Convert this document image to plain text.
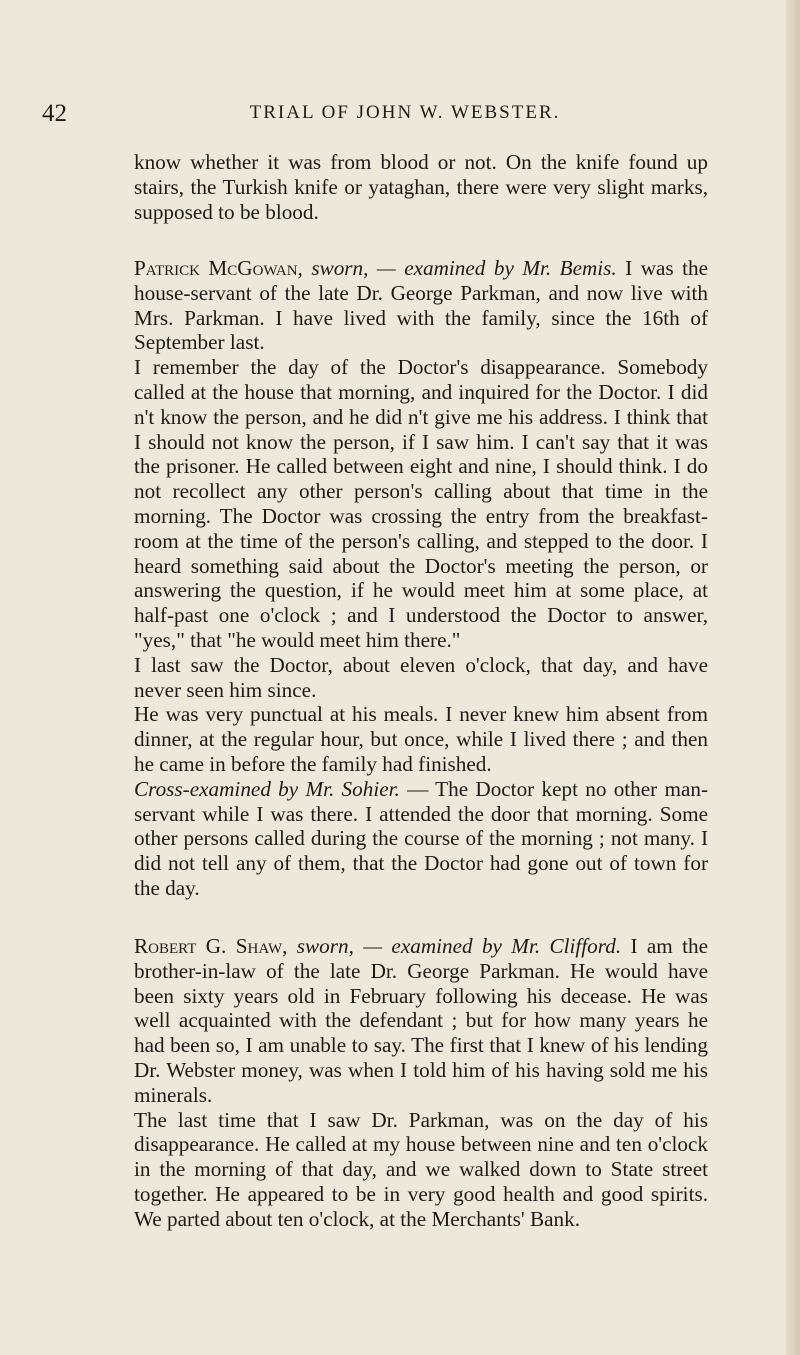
42	TRIAL OF JOHN W. WEBSTER.

know whether it was from blood or not. On the knife found up stairs, the Turkish knife or yataghan, there were very slight marks, supposed to be blood.

Patrick McGowan, sworn, — examined by Mr. Bemis. I was the house-servant of the late Dr. George Parkman, and now live with Mrs. Parkman. I have lived with the family, since the 16th of September last.

I remember the day of the Doctor's disappearance. Somebody called at the house that morning, and inquired for the Doctor. I did n't know the person, and he did n't give me his address. I think that I should not know the person, if I saw him. I can't say that it was the prisoner. He called between eight and nine, I should think. I do not recollect any other person's calling about that time in the morning. The Doctor was crossing the entry from the breakfast-room at the time of the person's calling, and stepped to the door. I heard something said about the Doctor's meeting the person, or answering the question, if he would meet him at some place, at half-past one o'clock ; and I understood the Doctor to answer, "yes," that "he would meet him there."

I last saw the Doctor, about eleven o'clock, that day, and have never seen him since.

He was very punctual at his meals. I never knew him absent from dinner, at the regular hour, but once, while I lived there ; and then he came in before the family had finished.

Cross-examined by Mr. Sohier. — The Doctor kept no other man-servant while I was there. I attended the door that morning. Some other persons called during the course of the morning ; not many. I did not tell any of them, that the Doctor had gone out of town for the day.

Robert G. Shaw, sworn, — examined by Mr. Clifford. I am the brother-in-law of the late Dr. George Parkman. He would have been sixty years old in February following his decease. He was well acquainted with the defendant ; but for how many years he had been so, I am unable to say. The first that I knew of his lending Dr. Webster money, was when I told him of his having sold me his minerals.

The last time that I saw Dr. Parkman, was on the day of his disappearance. He called at my house between nine and ten o'clock in the morning of that day, and we walked down to State street together. He appeared to be in very good health and good spirits. We parted about ten o'clock, at the Merchants' Bank.
